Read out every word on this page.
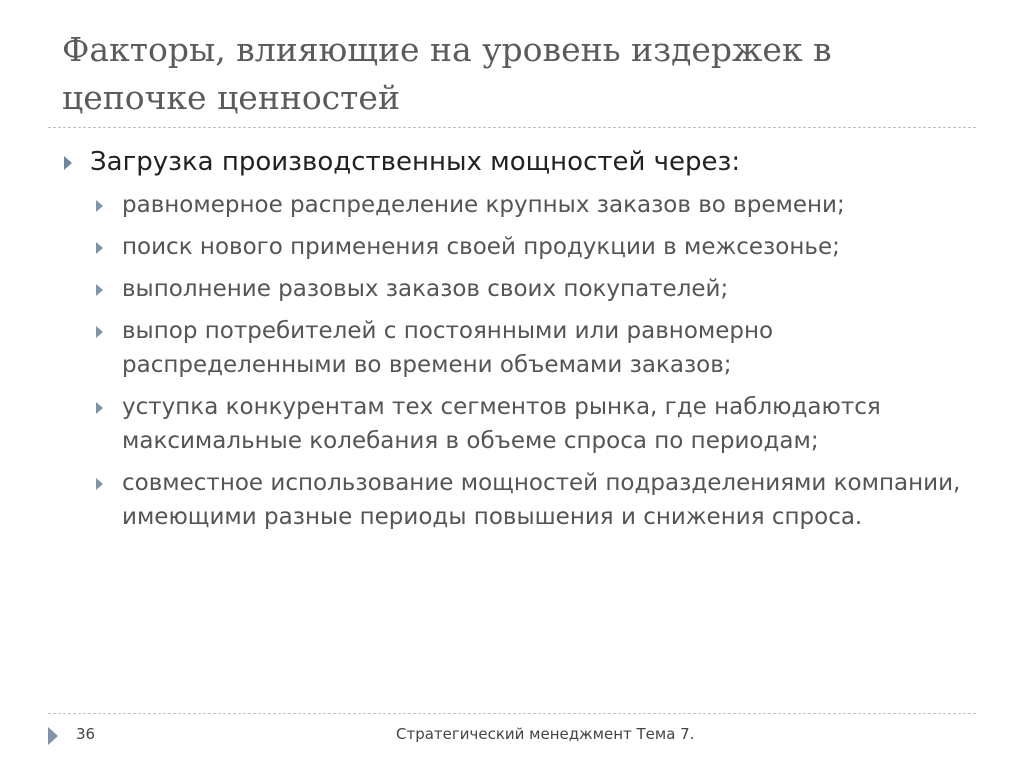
Факторы, влияющие на уровень издержек в цепочке ценностей
Загрузка производственных мощностей через:
равномерное распределение крупных заказов во времени;
поиск нового применения своей продукции в межсезонье;
выполнение разовых заказов своих покупателей;
выпор потребителей с постоянными или равномерно распределенными во времени объемами заказов;
уступка конкурентам тех сегментов рынка, где наблюдаются максимальные колебания в объеме спроса по периодам;
совместное использование мощностей подразделениями компании, имеющими разные периоды повышения и снижения спроса.
36	Стратегический менеджмент Тема 7.
